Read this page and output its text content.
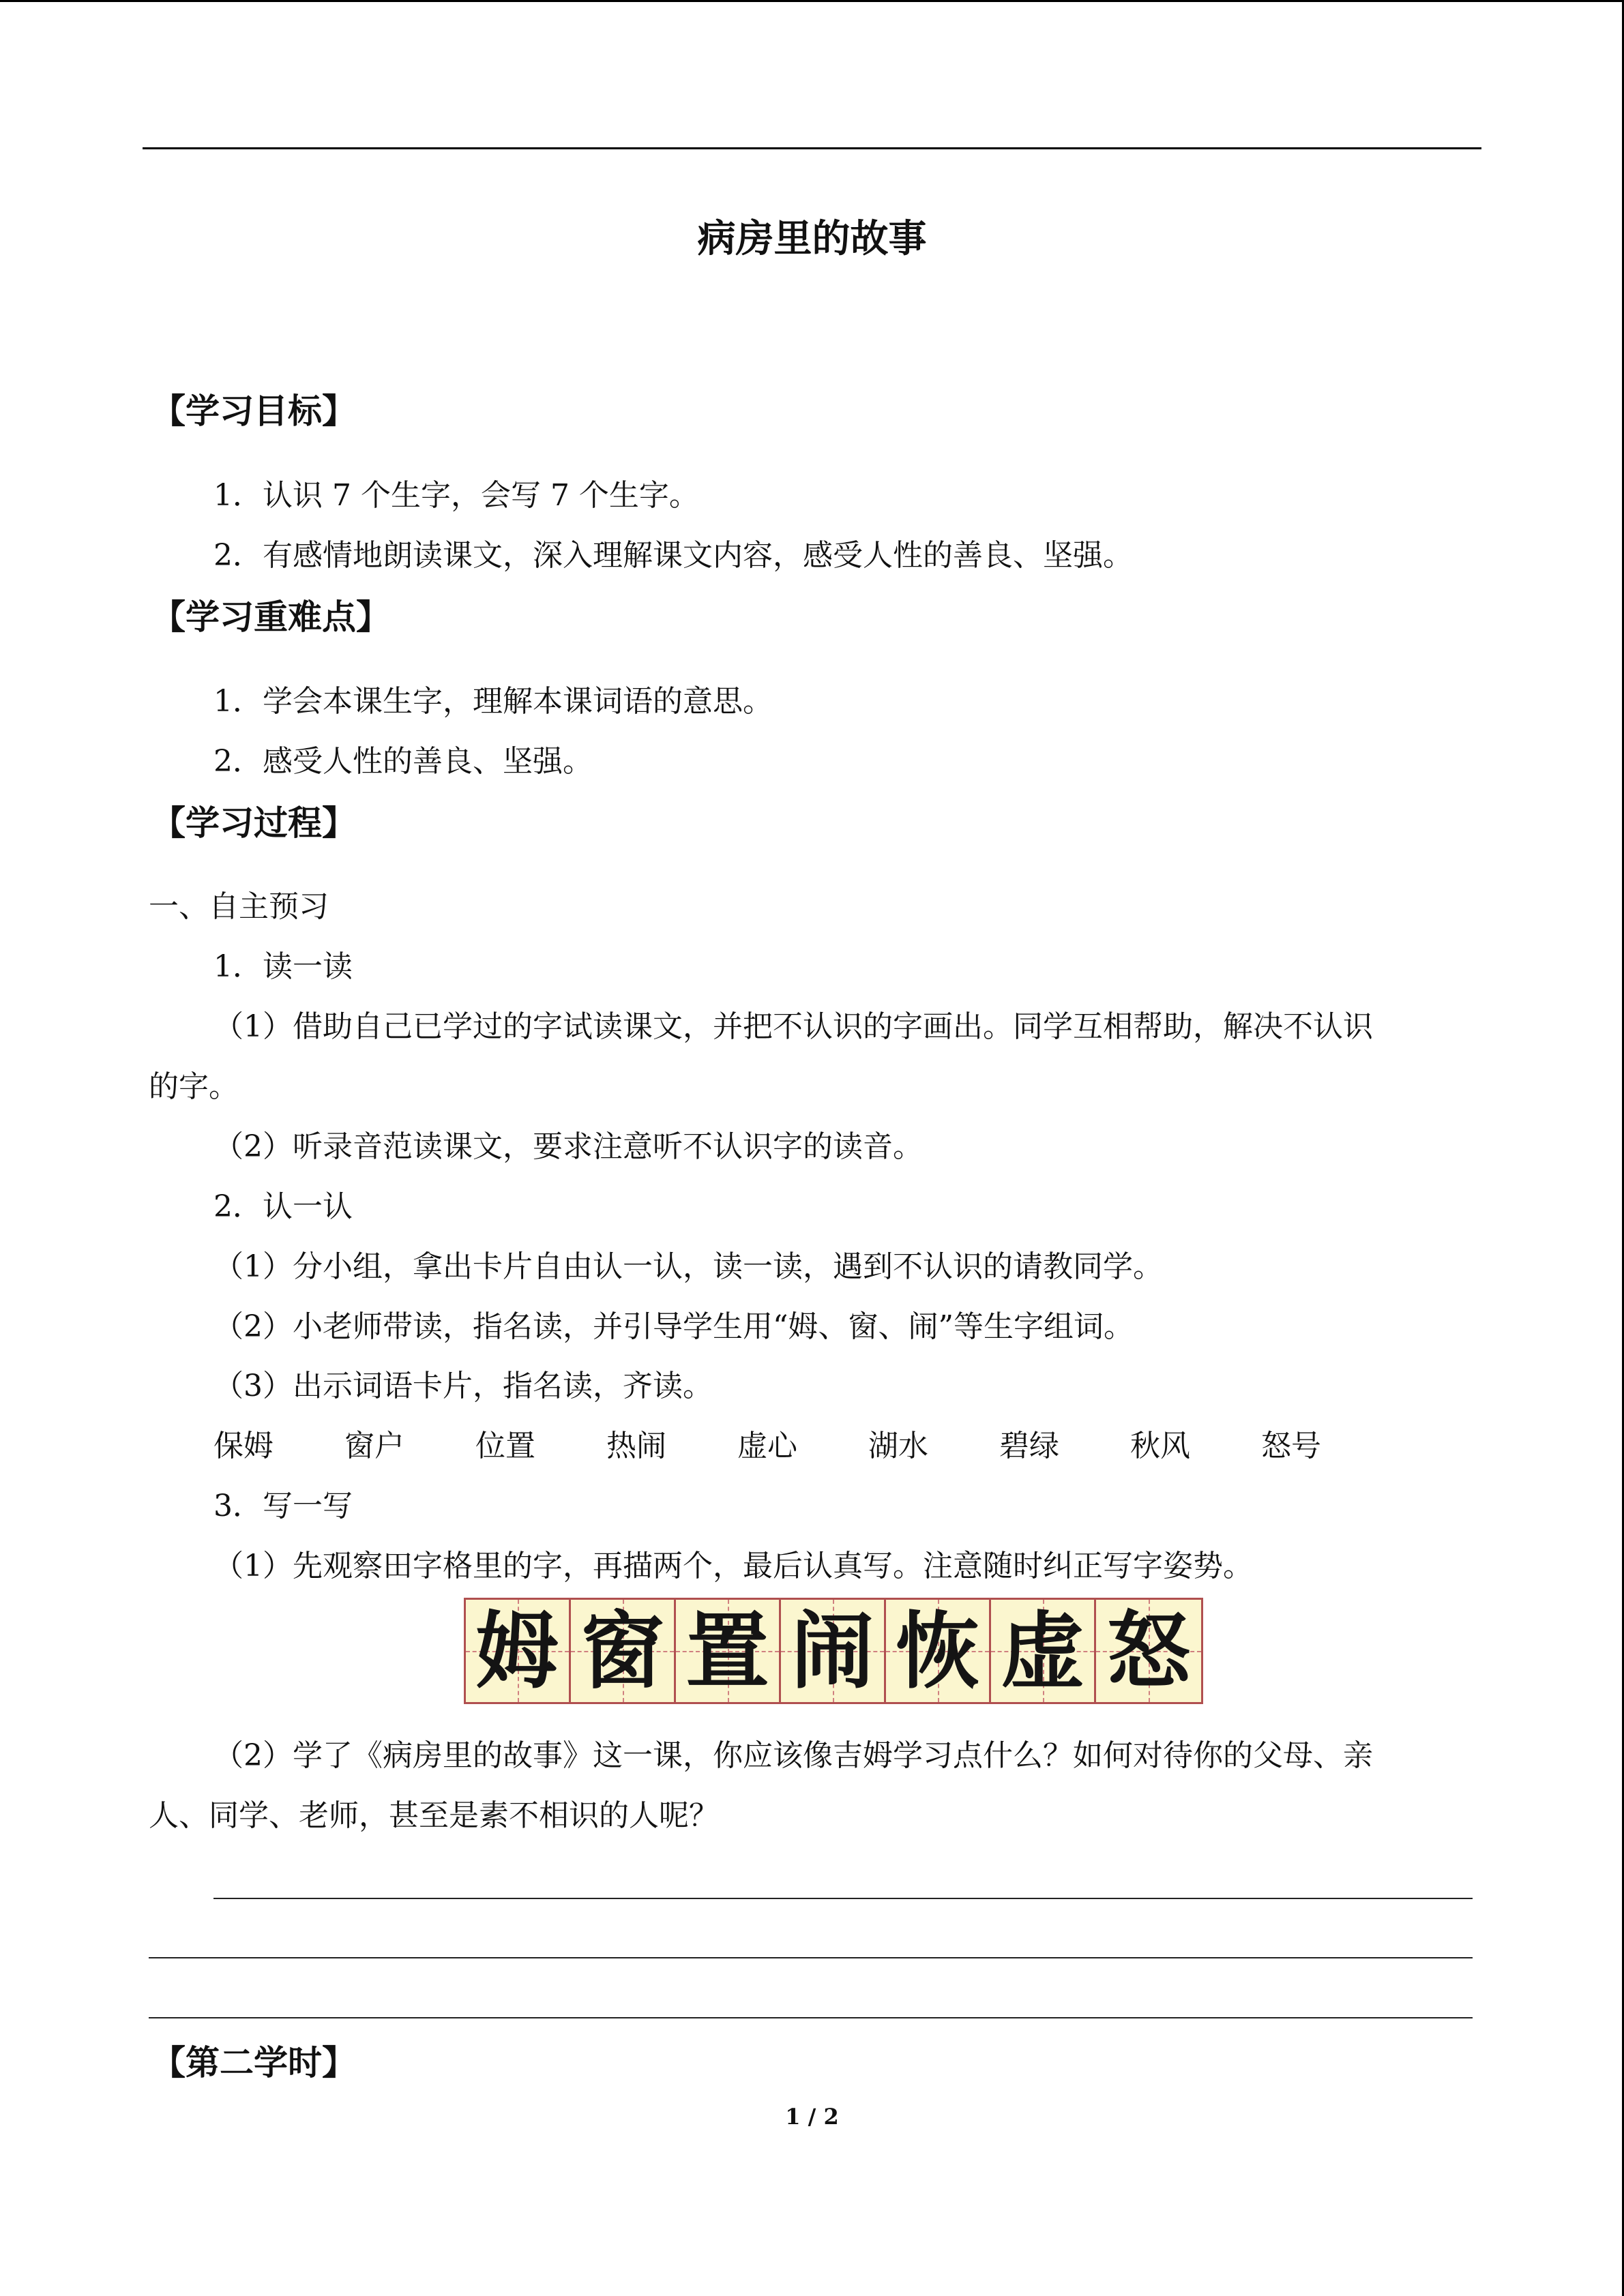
病房里的故事
【学习目标】
1．认识 7 个生字，会写 7 个生字。
2．有感情地朗读课文，深入理解课文内容，感受人性的善良、坚强。
【学习重难点】
1．学会本课生字，理解本课词语的意思。
2．感受人性的善良、坚强。
【学习过程】
一、自主预习
1．读一读
（1）借助自己已学过的字试读课文，并把不认识的字画出。同学互相帮助，解决不认识
的字。
（2）听录音范读课文，要求注意听不认识字的读音。
2．认一认
（1）分小组，拿出卡片自由认一认，读一读，遇到不认识的请教同学。
（2）小老师带读，指名读，并引导学生用“姆、窗、闹”等生字组词。
（3）出示词语卡片，指名读，齐读。
保姆 窗户 位置 热闹 虚心 湖水 碧绿 秋风 怒号
3．写一写
（1）先观察田字格里的字，再描两个，最后认真写。注意随时纠正写字姿势。
姆 窗 置 闹 恢 虚 怒
（2）学了《病房里的故事》这一课，你应该像吉姆学习点什么？如何对待你的父母、亲
人、同学、老师，甚至是素不相识的人呢？
【第二学时】
1 / 2
